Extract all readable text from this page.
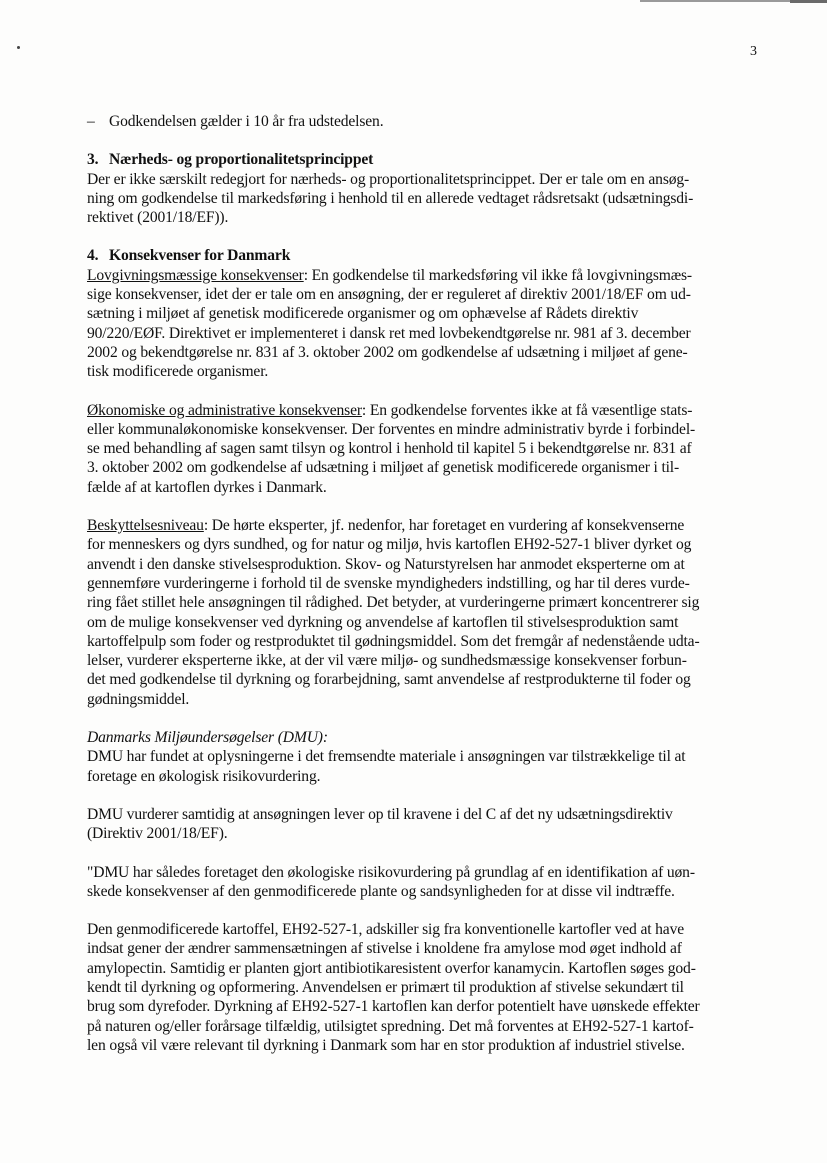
3
– Godkendelsen gælder i 10 år fra udstedelsen.
3. Nærheds- og proportionalitetsprincippet
Der er ikke særskilt redegjort for nærheds- og proportionalitetsprincippet. Der er tale om en ansøg-
ning om godkendelse til markedsføring i henhold til en allerede vedtaget rådsretsakt (udsætningsdi-
rektivet (2001/18/EF)).
4. Konsekvenser for Danmark
Lovgivningsmæssige konsekvenser: En godkendelse til markedsføring vil ikke få lovgivningsmæs-
sige konsekvenser, idet der er tale om en ansøgning, der er reguleret af direktiv 2001/18/EF om ud-
sætning i miljøet af genetisk modificerede organismer og om ophævelse af Rådets direktiv
90/220/EØF. Direktivet er implementeret i dansk ret med lovbekendtgørelse nr. 981 af 3. december
2002 og bekendtgørelse nr. 831 af 3. oktober 2002 om godkendelse af udsætning i miljøet af gene-
tisk modificerede organismer.
Økonomiske og administrative konsekvenser: En godkendelse forventes ikke at få væsentlige stats-
eller kommunaløkonomiske konsekvenser. Der forventes en mindre administrativ byrde i forbindel-
se med behandling af sagen samt tilsyn og kontrol i henhold til kapitel 5 i bekendtgørelse nr. 831 af
3. oktober 2002 om godkendelse af udsætning i miljøet af genetisk modificerede organismer i til-
fælde af at kartoflen dyrkes i Danmark.
Beskyttelsesniveau: De hørte eksperter, jf. nedenfor, har foretaget en vurdering af konsekvenserne
for menneskers og dyrs sundhed, og for natur og miljø, hvis kartoflen EH92-527-1 bliver dyrket og
anvendt i den danske stivelsesproduktion. Skov- og Naturstyrelsen har anmodet eksperterne om at
gennemføre vurderingerne i forhold til de svenske myndigheders indstilling, og har til deres vurde-
ring fået stillet hele ansøgningen til rådighed. Det betyder, at vurderingerne primært koncentrerer sig
om de mulige konsekvenser ved dyrkning og anvendelse af kartoflen til stivelsesproduktion samt
kartoffelpulp som foder og restproduktet til gødningsmiddel. Som det fremgår af nedenstående udta-
lelser, vurderer eksperterne ikke, at der vil være miljø- og sundhedsmæssige konsekvenser forbun-
det med godkendelse til dyrkning og forarbejdning, samt anvendelse af restprodukterne til foder og
gødningsmiddel.
Danmarks Miljøundersøgelser (DMU):
DMU har fundet at oplysningerne i det fremsendte materiale i ansøgningen var tilstrækkelige til at
foretage en økologisk risikovurdering.
DMU vurderer samtidig at ansøgningen lever op til kravene i del C af det ny udsætningsdirektiv
(Direktiv 2001/18/EF).
"DMU har således foretaget den økologiske risikovurdering på grundlag af en identifikation af uøn-
skede konsekvenser af den genmodificerede plante og sandsynligheden for at disse vil indtræffe.
Den genmodificerede kartoffel, EH92-527-1, adskiller sig fra konventionelle kartofler ved at have
indsat gener der ændrer sammensætningen af stivelse i knoldene fra amylose mod øget indhold af
amylopectin. Samtidig er planten gjort antibiotikaresistent overfor kanamycin. Kartoflen søges god-
kendt til dyrkning og opformering. Anvendelsen er primært til produktion af stivelse sekundært til
brug som dyrefoder. Dyrkning af EH92-527-1 kartoflen kan derfor potentielt have uønskede effekter
på naturen og/eller forårsage tilfældig, utilsigtet spredning. Det må forventes at EH92-527-1 kartof-
len også vil være relevant til dyrkning i Danmark som har en stor produktion af industriel stivelse.
